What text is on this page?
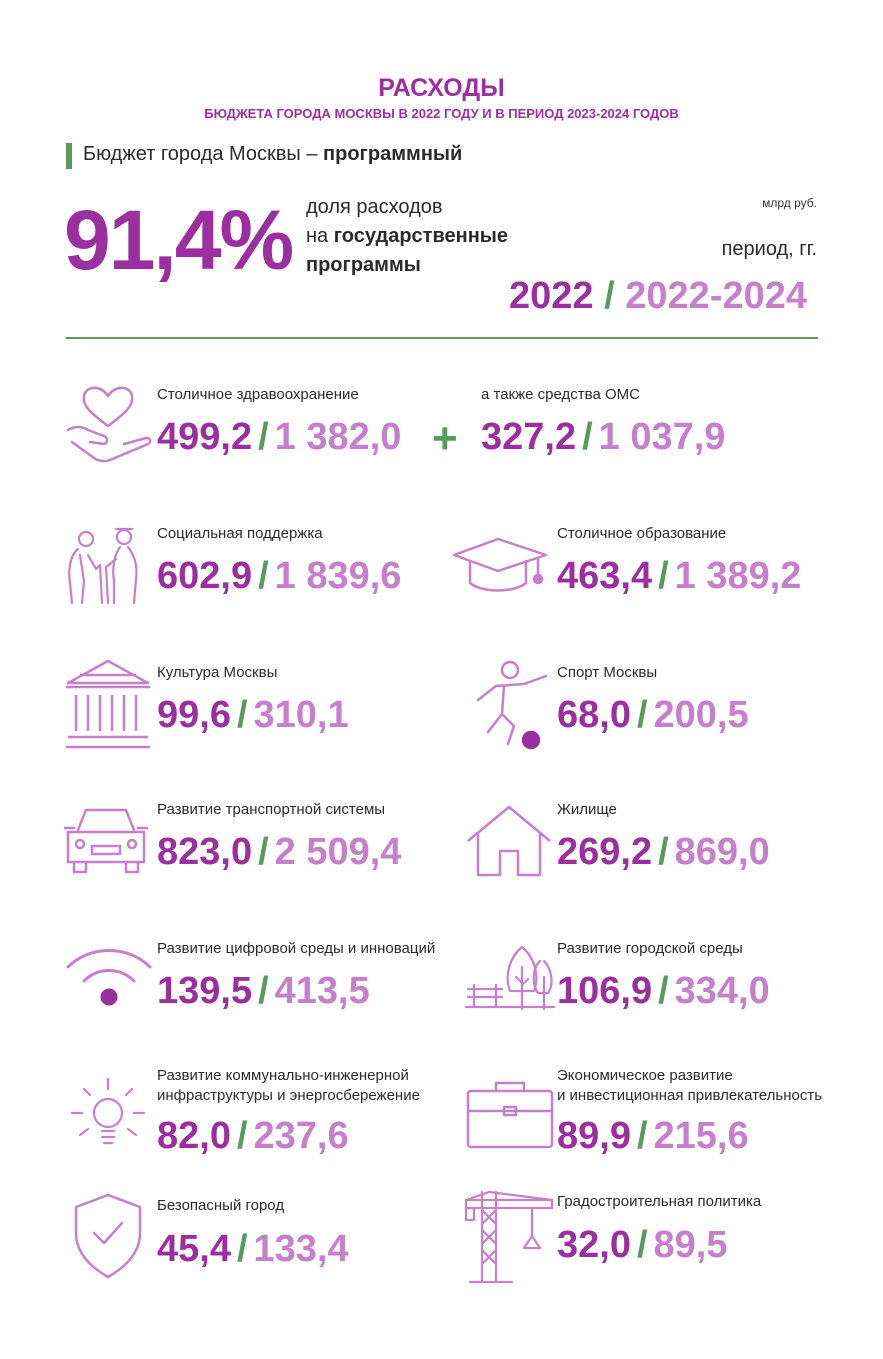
РАСХОДЫ
БЮДЖЕТА ГОРОДА МОСКВЫ В 2022 ГОДУ И В ПЕРИОД 2023-2024 ГОДОВ
Бюджет города Москвы – программный
91,4% доля расходов
на государственные
программы
млрд руб.
период, гг.
2022 / 2022-2024
Столичное здравоохранение
499,2 / 1 382,0 +
а также средства ОМС
327,2 / 1 037,9
Социальная поддержка
602,9 / 1 839,6
Столичное образование
463,4 / 1 389,2
Культура Москвы
99,6 / 310,1
Спорт Москвы
68,0 / 200,5
Развитие транспортной системы
823,0 / 2 509,4
Жилище
269,2 / 869,0
Развитие цифровой среды и инноваций
139,5 / 413,5
Развитие городской среды
106,9 / 334,0
Развитие коммунально-инженерной
инфраструктуры и энергосбережение
82,0 / 237,6
Экономическое развитие
и инвестиционная привлекательность
89,9 / 215,6
Безопасный город
45,4 / 133,4
Градостроительная политика
32,0 / 89,5
